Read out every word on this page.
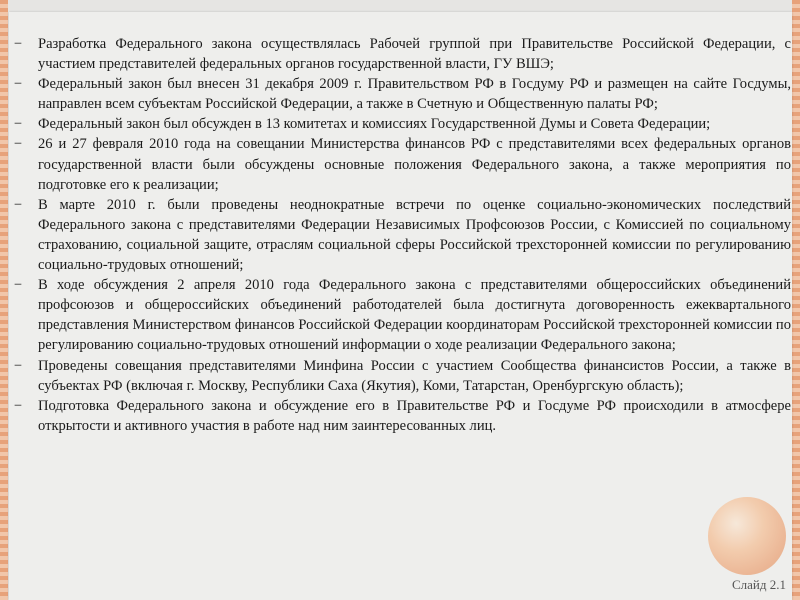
− Разработка Федерального закона осуществлялась Рабочей группой при Правительстве Российской Федерации, с участием представителей федеральных органов государственной власти, ГУ ВШЭ;
− Федеральный закон был внесен 31 декабря 2009 г. Правительством РФ в Госдуму РФ и размещен на сайте Госдумы, направлен всем субъектам Российской Федерации, а также в Счетную и Общественную палаты РФ;
− Федеральный закон был обсужден в 13 комитетах и комиссиях Государственной Думы и Совета Федерации;
− 26 и 27 февраля 2010 года на совещании Министерства финансов РФ с представителями всех федеральных органов государственной власти были обсуждены основные положения Федерального закона, а также мероприятия по подготовке его к реализации;
− В марте 2010 г. были проведены неоднократные встречи по оценке социально-экономических последствий Федерального закона с представителями Федерации Независимых Профсоюзов России, с Комиссией по социальному страхованию, социальной защите, отраслям социальной сферы Российской трехсторонней комиссии по регулированию социально-трудовых отношений;
− В ходе обсуждения 2 апреля 2010 года Федерального закона с представителями общероссийских объединений профсоюзов и общероссийских объединений работодателей была достигнута договоренность ежеквартального представления Министерством финансов Российской Федерации координаторам Российской трехсторонней комиссии по регулированию социально-трудовых отношений информации о ходе реализации Федерального закона;
− Проведены совещания представителями Минфина России с участием Сообщества финансистов России, а также в субъектах РФ (включая г. Москву, Республики Саха (Якутия), Коми, Татарстан, Оренбургскую область);
− Подготовка Федерального закона и обсуждение его в Правительстве РФ и Госдуме РФ происходили в атмосфере открытости и активного участия в работе над ним заинтересованных лиц.
Слайд 2.1
